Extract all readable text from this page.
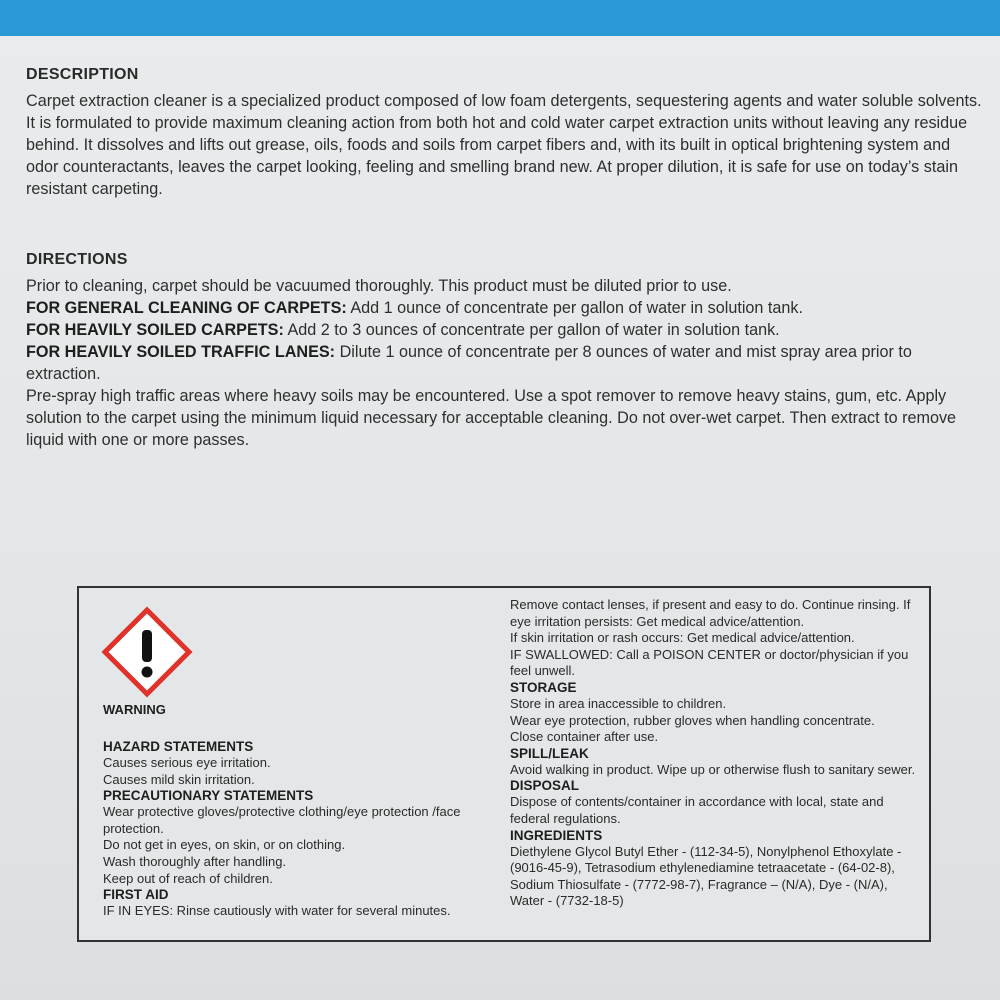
DESCRIPTION

Carpet extraction cleaner is a specialized product composed of low foam detergents, sequestering agents and water soluble solvents. It is formulated to provide maximum cleaning action from both hot and cold water carpet extraction units without leaving any residue behind. It dissolves and lifts out grease, oils, foods and soils from carpet fibers and, with its built in optical brightening system and odor counteractants, leaves the carpet looking, feeling and smelling brand new. At proper dilution, it is safe for use on today’s stain resistant carpeting.

DIRECTIONS

Prior to cleaning, carpet should be vacuumed thoroughly. This product must be diluted prior to use.

FOR GENERAL CLEANING OF CARPETS: Add 1 ounce of concentrate per gallon of water in solution tank.

FOR HEAVILY SOILED CARPETS: Add 2 to 3 ounces of concentrate per gallon of water in solution tank.

FOR HEAVILY SOILED TRAFFIC LANES: Dilute 1 ounce of concentrate per 8 ounces of water and mist spray area prior to extraction.

Pre-spray high traffic areas where heavy soils may be encountered. Use a spot remover to remove heavy stains, gum, etc. Apply solution to the carpet using the minimum liquid necessary for acceptable cleaning. Do not over-wet carpet. Then extract to remove liquid with one or more passes.

WARNING
HAZARD STATEMENTS

Causes serious eye irritation.

Causes mild skin irritation.

PRECAUTIONARY STATEMENTS

Wear protective gloves/protective clothing/eye protection /face protection.

Do not get in eyes, on skin, or on clothing.

Wash thoroughly after handling.

Keep out of reach of children.

FIRST AID

IF IN EYES: Rinse cautiously with water for several minutes.

Remove contact lenses, if present and easy to do. Continue rinsing. If eye irritation persists: Get medical advice/attention.

If skin irritation or rash occurs: Get medical advice/attention.

IF SWALLOWED: Call a POISON CENTER or doctor/physician if you feel unwell.

STORAGE

Store in area inaccessible to children.

Wear eye protection, rubber gloves when handling concentrate.

Close container after use.

SPILL/LEAK

Avoid walking in product. Wipe up or otherwise flush to sanitary sewer.

DISPOSAL

Dispose of contents/container in accordance with local, state and federal regulations.

INGREDIENTS

Diethylene Glycol Butyl Ether - (112-34-5), Nonylphenol Ethoxylate - (9016-45-9), Tetrasodium ethylenediamine tetraacetate - (64-02-8), Sodium Thiosulfate - (7772-98-7), Fragrance – (N/A), Dye - (N/A), Water - (7732-18-5)
